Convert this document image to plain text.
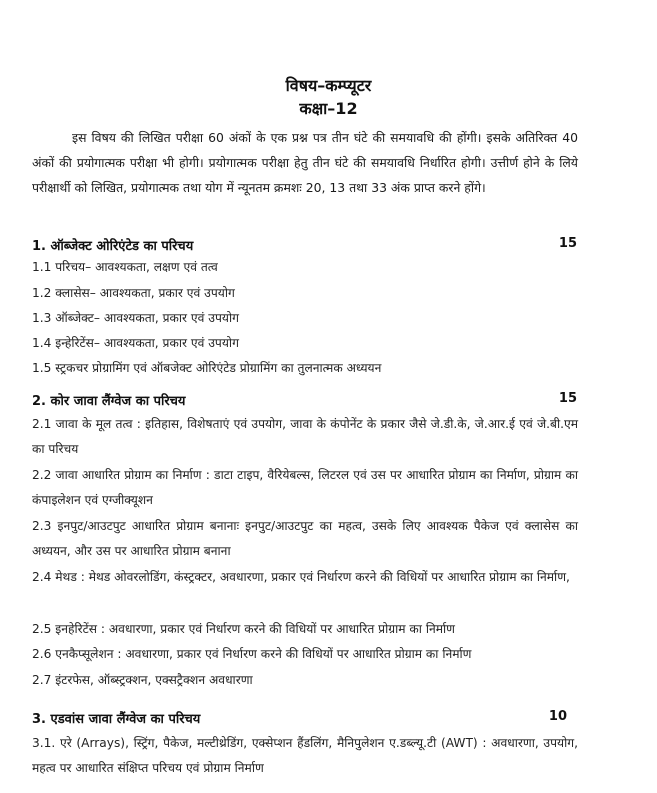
विषय–कम्प्यूटर
कक्षा–12
इस विषय की लिखित परीक्षा 60 अंकों के एक प्रश्न पत्र तीन घंटे की समयावधि की होंगी। इसके अतिरिक्त 40 अंकों की प्रयोगात्मक परीक्षा भी होगी। प्रयोगात्मक परीक्षा हेतु तीन घंटे की समयावधि निर्धारित होगी। उत्तीर्ण होने के लिये परीक्षार्थी को लिखित, प्रयोगात्मक तथा योग में न्यूनतम क्रमशः 20, 13 तथा 33 अंक प्राप्त करने होंगे।
1. ऑब्जेक्ट ओरिएंटेड का परिचय	15
1.1 परिचय– आवश्यकता, लक्षण एवं तत्व
1.2 क्लासेस– आवश्यकता, प्रकार एवं उपयोग
1.3 ऑब्जेक्ट– आवश्यकता, प्रकार एवं उपयोग
1.4 इन्हेरिटेंस– आवश्यकता, प्रकार एवं उपयोग
1.5 स्ट्रकचर प्रोग्रामिंग एवं ऑबजेक्ट ओरिएंटेड प्रोग्रामिंग का तुलनात्मक अध्ययन
2. कोर जावा लैंग्वेज का परिचय	15
2.1 जावा के मूल तत्व : इतिहास, विशेषताएं एवं उपयोग, जावा के कंपोनेंट के प्रकार जैसे जे.डी.के, जे.आर.ई एवं जे.बी.एम का परिचय
2.2 जावा आधारित प्रोग्राम का निर्माण : डाटा टाइप, वैरियेबल्स, लिटरल एवं उस पर आधारित प्रोग्राम का निर्माण, प्रोग्राम का कंपाइलेशन एवं एग्जीक्यूशन
2.3 इनपुट/आउटपुट आधारित प्रोग्राम बनानाः इनपुट/आउटपुट का महत्व, उसके लिए आवश्यक पैकेज एवं क्लासेस का अध्ययन, और उस पर आधारित प्रोग्राम बनाना
2.4 मेथड : मेथड ओवरलोडिंग, कंस्ट्रक्टर, अवधारणा, प्रकार एवं निर्धारण करने की विधियों पर आधारित प्रोग्राम का निर्माण,
2.5 इनहेरिटेंस : अवधारणा, प्रकार एवं निर्धारण करने की विधियों पर आधारित प्रोग्राम का निर्माण
2.6 एनकैप्सूलेशन : अवधारणा, प्रकार एवं निर्धारण करने की विधियों पर आधारित प्रोग्राम का निर्माण
2.7 इंटरफेस, ऑब्स्ट्रक्शन, एक्सट्रैक्शन अवधारणा
3. एडवांस जावा लैंग्वेज का परिचय	10
3.1. एरे (Arrays), स्ट्रिंग, पैकेज, मल्टीथ्रेडिंग, एक्सेप्शन हैंडलिंग, मैनिपुलेशन ए.डब्ल्यू.टी (AWT) : अवधारणा, उपयोग, महत्व पर आधारित संक्षिप्त परिचय एवं प्रोग्राम निर्माण
